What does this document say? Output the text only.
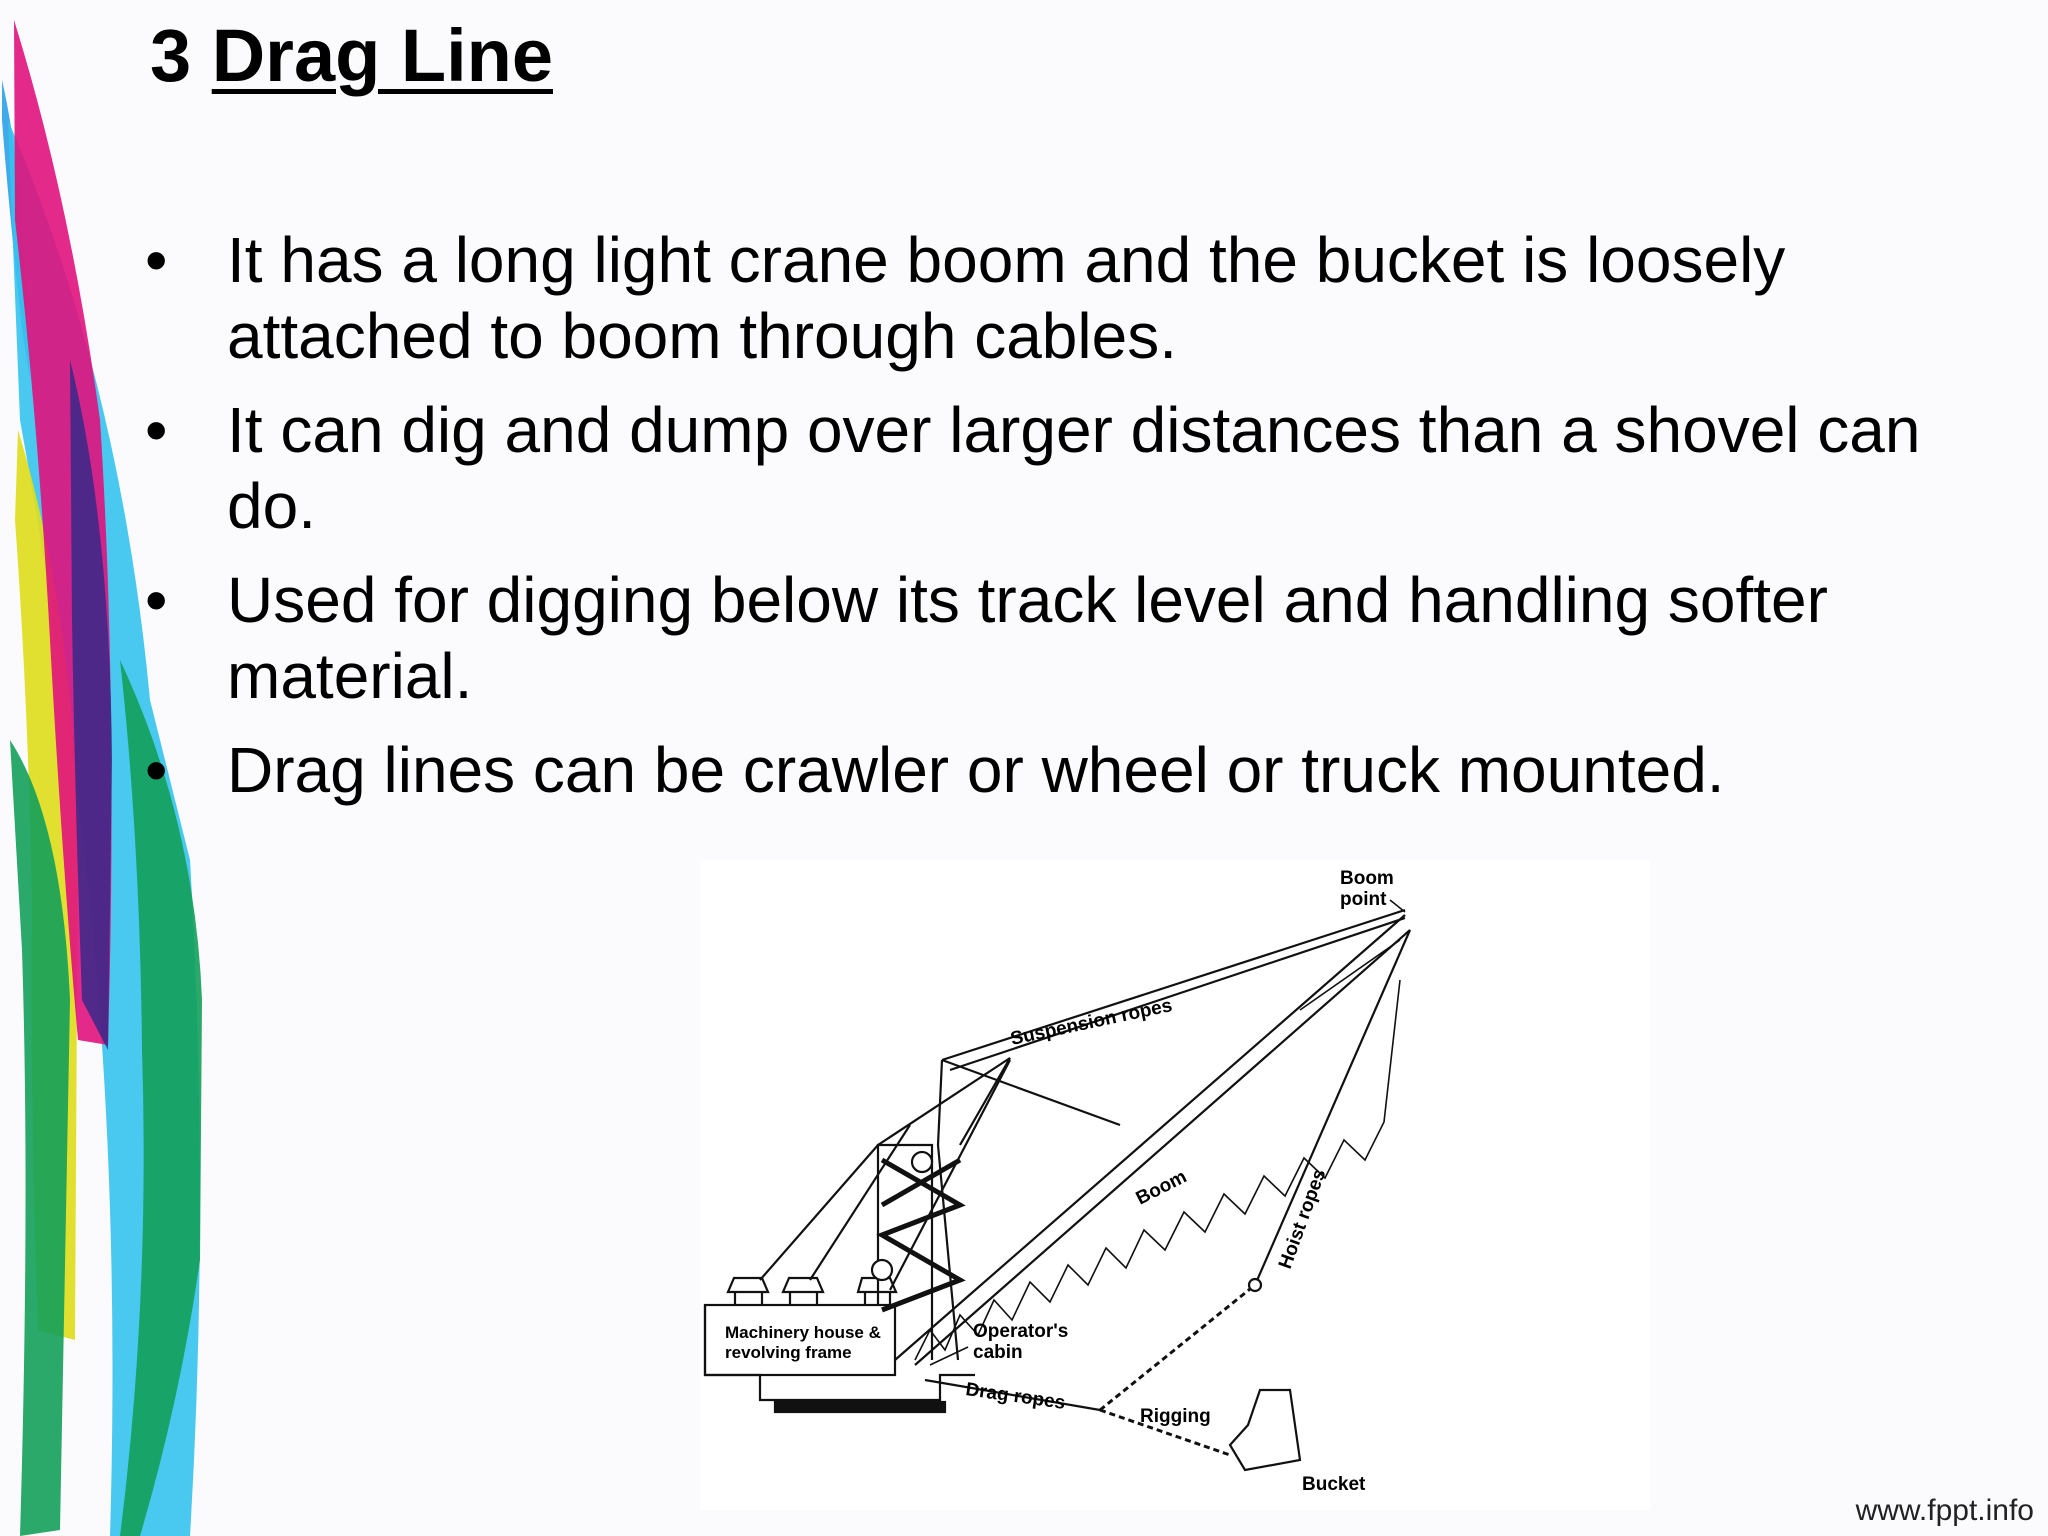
3 Drag Line
• It has a long light crane boom and the bucket is loosely attached to boom through cables.
• It can dig and dump over larger distances than a shovel can do.
• Used for digging below its track level and handling softer material.
• Drag lines can be crawler or wheel or truck mounted.
Boom
point
Suspension ropes
Boom	Hoist ropes
Operator's
cabin
Machinery house &
revolving frame
Drag ropes
Rigging
Bucket
www.fppt.info
